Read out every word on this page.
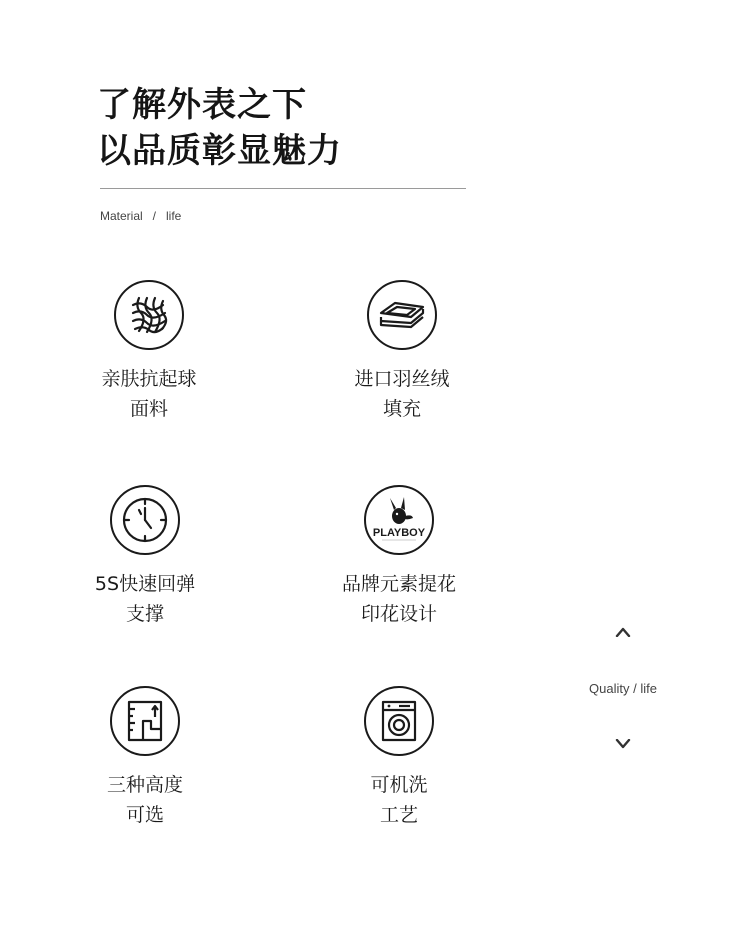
了解外表之下
以品质彰显魅力
Material   /   life
亲肤抗起球
面料
进口羽丝绒
填充
5S快速回弹
支撑
PLAYBOY
品牌元素提花
印花设计
三种高度
可选
可机洗
工艺
Quality / life
